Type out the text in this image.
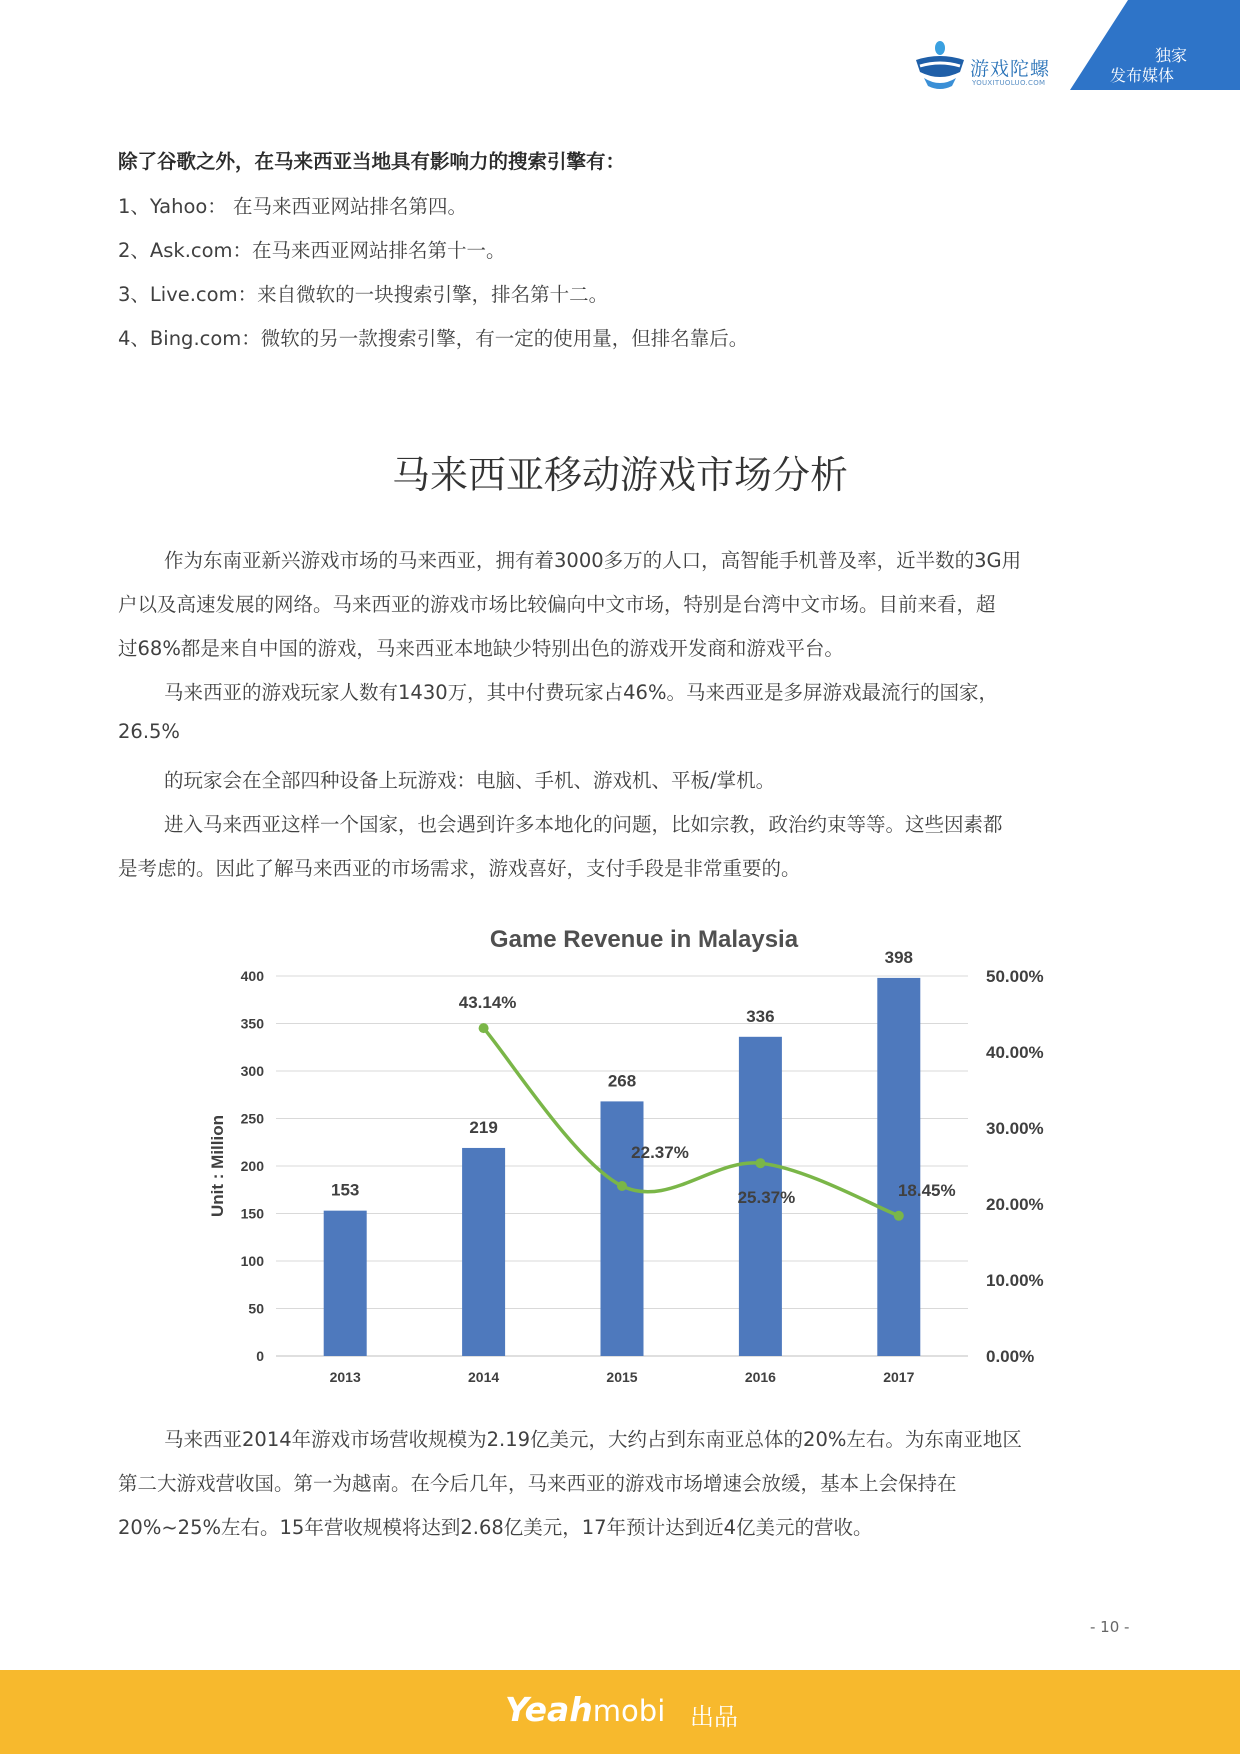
游戏陀螺
YOUXITUOLUO.COM
独家
发布媒体
除了谷歌之外，在马来西亚当地具有影响力的搜索引擎有：
1、Yahoo： 在马来西亚网站排名第四。
2、Ask.com：在马来西亚网站排名第十一。
3、Live.com：来自微软的一块搜索引擎，排名第十二。
4、Bing.com：微软的另一款搜索引擎，有一定的使用量，但排名靠后。
马来西亚移动游戏市场分析
作为东南亚新兴游戏市场的马来西亚，拥有着3000多万的人口，高智能手机普及率，近半数的3G用
户以及高速发展的网络。马来西亚的游戏市场比较偏向中文市场，特别是台湾中文市场。目前来看，超
过68%都是来自中国的游戏，马来西亚本地缺少特别出色的游戏开发商和游戏平台。
马来西亚的游戏玩家人数有1430万，其中付费玩家占46%。马来西亚是多屏游戏最流行的国家，
26.5%
的玩家会在全部四种设备上玩游戏：电脑、手机、游戏机、平板/掌机。
进入马来西亚这样一个国家，也会遇到许多本地化的问题，比如宗教，政治约束等等。这些因素都
是考虑的。因此了解马来西亚的市场需求，游戏喜好，支付手段是非常重要的。
Game Revenue in Malaysia
0
50
100
150
200
250
300
350
400
0.00%
10.00%
20.00%
30.00%
40.00%
50.00%
Unit : Million	153
219
268
336
398
2013	2014	2015	2016	2017
43.14%
22.37%
25.37%	18.45%
马来西亚2014年游戏市场营收规模为2.19亿美元，大约占到东南亚总体的20%左右。为东南亚地区
第二大游戏营收国。第一为越南。在今后几年，马来西亚的游戏市场增速会放缓，基本上会保持在
20%~25%左右。15年营收规模将达到2.68亿美元，17年预计达到近4亿美元的营收。
- 10 -
Yeahmobi 出品
